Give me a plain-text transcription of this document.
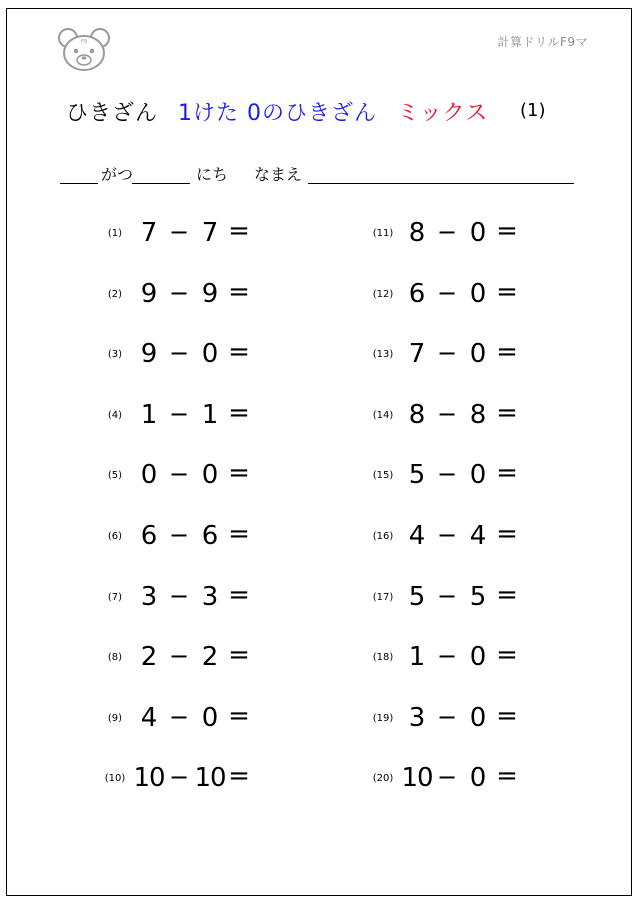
F9	計算ドリルF9マ
ひきざん 1けた 0のひきざん ミックス	(1)
がつ	にち なまえ
(1) 7 − 7 =
(2) 9 − 9 =
(3) 9 − 0 =
(4) 1 − 1 =
(5) 0 − 0 =
(6) 6 − 6 =
(7) 3 − 3 =
(8) 2 − 2 =
(9) 4 − 0 =
(10) 10 − 10 =
(11) 8 − 0 =
(12) 6 − 0 =
(13) 7 − 0 =
(14) 8 − 8 =
(15) 5 − 0 =
(16) 4 − 4 =
(17) 5 − 5 =
(18) 1 − 0 =
(19) 3 − 0 =
(20) 10 − 0 =
